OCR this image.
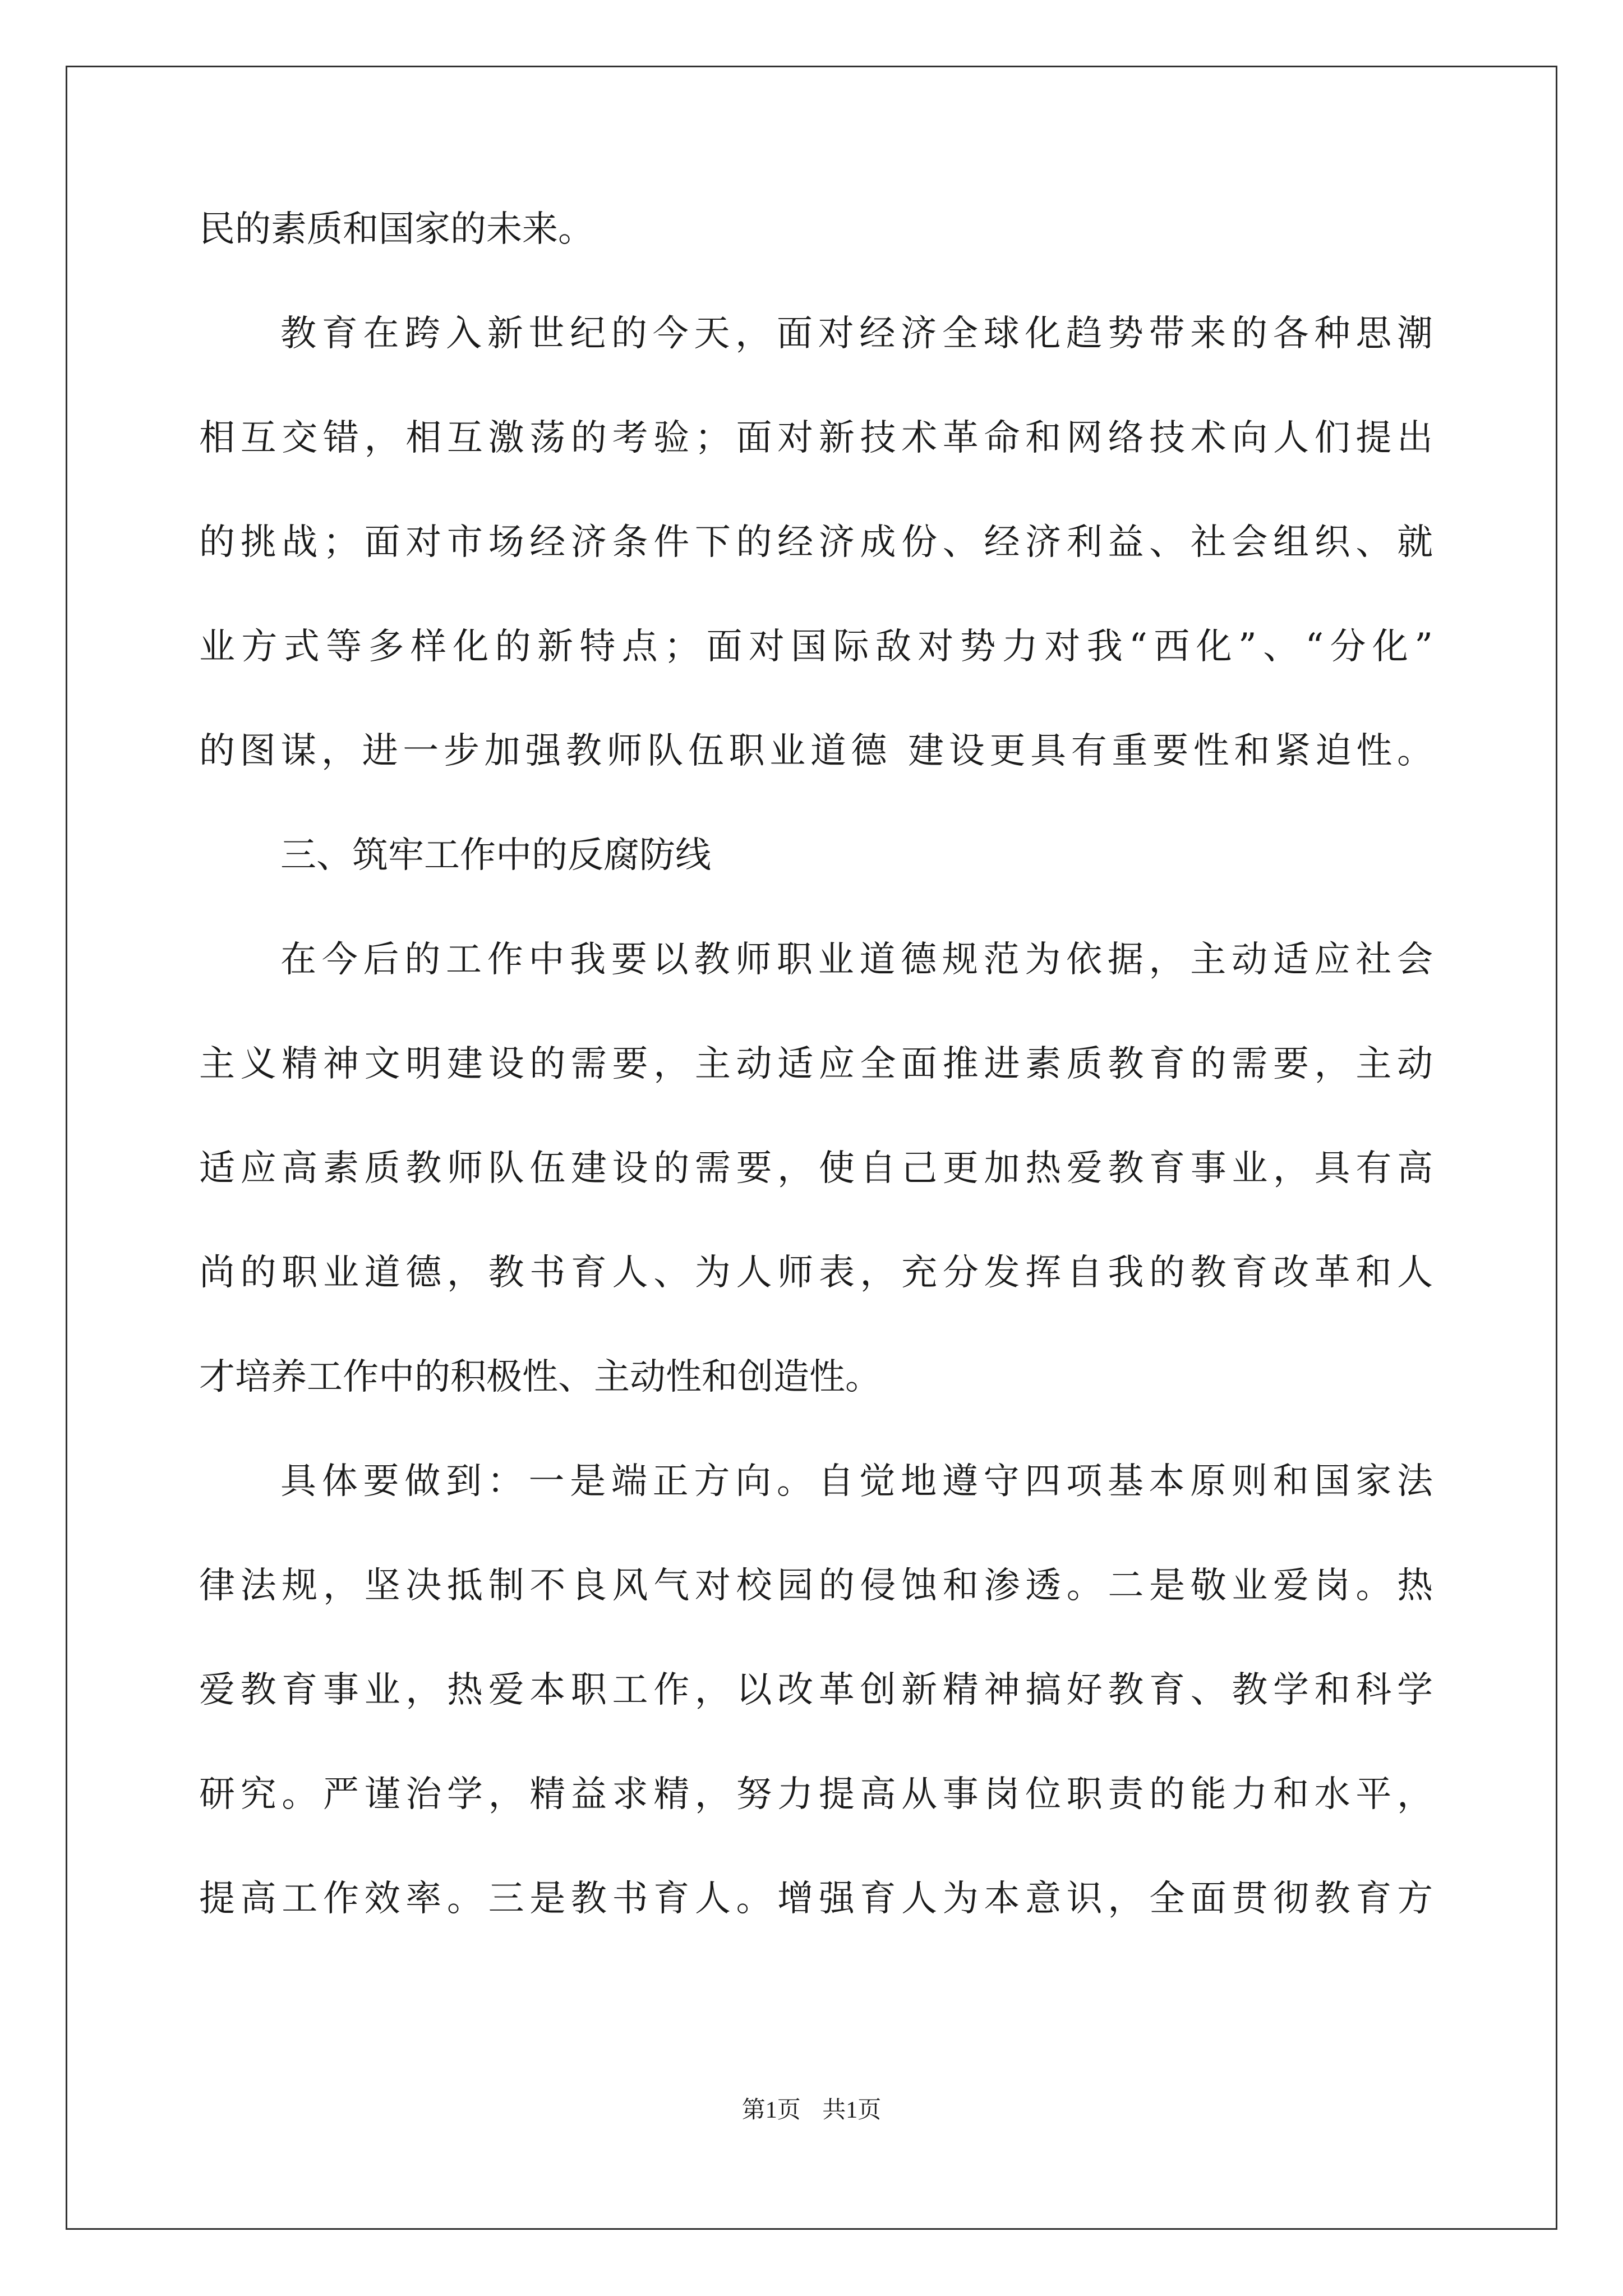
民的素质和国家的未来。
教育在跨入新世纪的今天，面对经济全球化趋势带来的各种思潮
相互交错，相互激荡的考验；面对新技术革命和网络技术向人们提出
的挑战；面对市场经济条件下的经济成份、经济利益、社会组织、就
业方式等多样化的新特点；面对国际敌对势力对我“西化”、“分化”
的图谋，进一步加强教师队伍职业道德 建设更具有重要性和紧迫性。
三、筑牢工作中的反腐防线
在今后的工作中我要以教师职业道德规范为依据，主动适应社会
主义精神文明建设的需要，主动适应全面推进素质教育的需要，主动
适应高素质教师队伍建设的需要，使自己更加热爱教育事业，具有高
尚的职业道德，教书育人、为人师表，充分发挥自我的教育改革和人
才培养工作中的积极性、主动性和创造性。
具体要做到：一是端正方向。自觉地遵守四项基本原则和国家法
律法规，坚决抵制不良风气对校园的侵蚀和渗透。二是敬业爱岗。热
爱教育事业，热爱本职工作，以改革创新精神搞好教育、教学和科学
研究。严谨治学，精益求精，努力提高从事岗位职责的能力和水平，
提高工作效率。三是教书育人。增强育人为本意识，全面贯彻教育方
第1页 共1页
